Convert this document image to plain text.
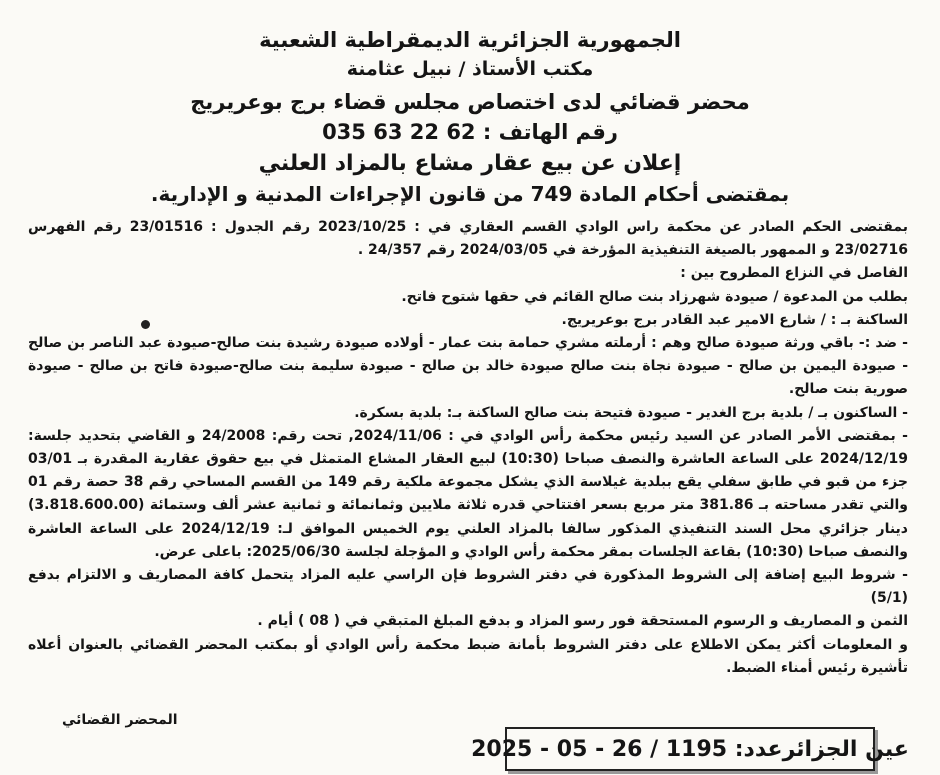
الجمهورية الجزائرية الديمقراطية الشعبية

مكتب الأستاذ / نبيل عثامنة

محضر قضائي لدى اختصاص مجلس قضاء برج بوعريريج

رقم الهاتف : 62 22 63 035

إعلان عن بيع عقار مشاع بالمزاد العلني

بمقتضى أحكام المادة 749 من قانون الإجراءات المدنية و الإدارية.

بمقتضى الحكم الصادر عن محكمة راس الوادي القسم العقاري في : 2023/10/25 رقم الجدول : 23/01516 رقم الفهرس 23/02716 و الممهور بالصيغة التنفيذية المؤرخة في 2024/03/05 رقم 24/357 .

الفاصل في النزاع المطروح بين :

بطلب من المدعوة / صيودة شهرزاد بنت صالح القائم في حقها شتوح فاتح.

الساكنة بـ : / شارع الامير عبد القادر برج بوعريريج.

- ضد :- باقي ورثة صيودة صالح وهم : أرملته مشري حمامة بنت عمار - أولاده صيودة رشيدة بنت صالح-صيودة عبد الناصر بن صالح - صيودة اليمين بن صالح - صيودة نجاة بنت صالح صيودة خالد بن صالح - صيودة سليمة بنت صالح-صيودة فاتح بن صالح - صيودة صورية بنت صالح.

- الساكنون بـ / بلدية برج الغدير - صيودة فتيحة بنت صالح الساكنة بـ: بلدية بسكرة.

- بمقتضى الأمر الصادر عن السيد رئيس محكمة رأس الوادي في : 2024/11/06, تحت رقم: 24/2008 و القاضي بتحديد جلسة: 2024/12/19 على الساعة العاشرة والنصف صباحا (10:30) لبيع العقار المشاع المتمثل في بيع حقوق عقارية المقدرة بـ 03/01 جزء من قبو في طابق سفلي يقع ببلدية غيلاسة الذي يشكل مجموعة ملكية رقم 149 من القسم المساحي رقم 38 حصة رقم 01 والتي تقدر مساحته بـ 381.86 متر مربع بسعر افتتاحي قدره ثلاثة ملايين وثمانمائة و ثمانية عشر ألف وستمائة (3.818.600.00) دينار جزائري محل السند التنفيذي المذكور سالفا بالمزاد العلني يوم الخميس الموافق لـ: 2024/12/19 على الساعة العاشرة والنصف صباحا (10:30) بقاعة الجلسات بمقر محكمة رأس الوادي و المؤجلة لجلسة 2025/06/30: باعلى عرض.

- شروط البيع إضافة إلى الشروط المذكورة في دفتر الشروط فإن الراسي عليه المزاد يتحمل كافة المصاريف و الالتزام بدفع (5/1)

الثمن و المصاريف و الرسوم المستحقة فور رسو المزاد و بدفع المبلغ المتبقي في ( 08 ) أيام .

و المعلومات أكثر يمكن الاطلاع على دفتر الشروط بأمانة ضبط محكمة رأس الوادي أو بمكتب المحضر القضائي بالعنوان أعلاه تأشيرة رئيس أمناء الضبط.

المحضر القضائي
عين الجزائرعدد: 1195 / 26 - 05 - 2025
